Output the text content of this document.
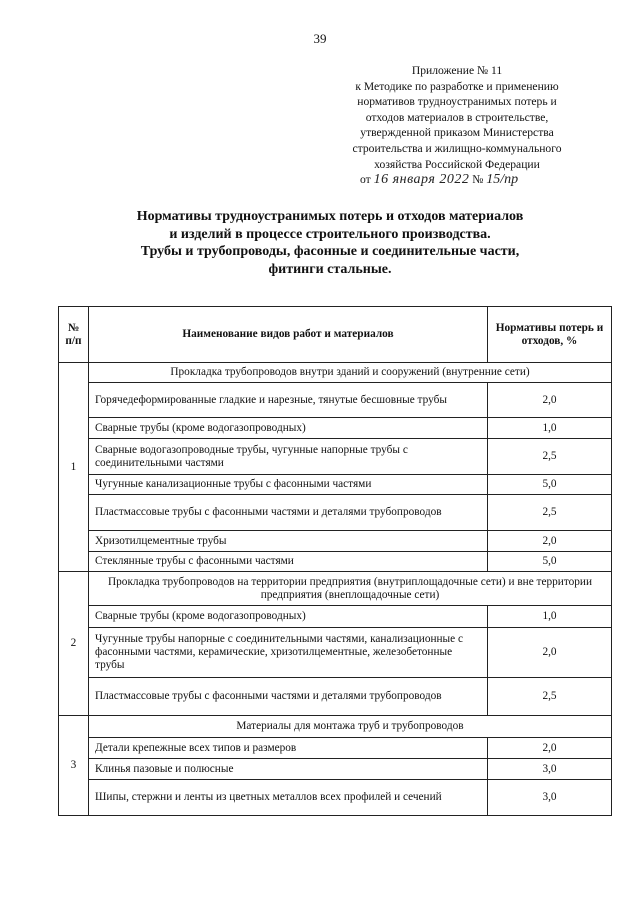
39
Приложение № 11
к Методике по разработке и применению
нормативов трудноустранимых потерь и
отходов материалов в строительстве,
утвержденной приказом Министерства
строительства и жилищно-коммунального
хозяйства Российской Федерации
от 16 января 2022 № 15/пр
Нормативы трудноустранимых потерь и отходов материалов
и изделий в процессе строительного производства.
Трубы и трубопроводы, фасонные и соединительные части,
фитинги стальные.
№ п/п	Наименование видов работ и материалов	Нормативы потерь и отходов, %
1	Прокладка трубопроводов внутри зданий и сооружений (внутренние сети)	
	Горячедеформированные гладкие и нарезные, тянутые бесшовные трубы	2,0
	Сварные трубы (кроме водогазопроводных)	1,0
	Сварные водогазопроводные трубы, чугунные напорные трубы с соединительными частями	2,5
	Чугунные канализационные трубы с фасонными частями	5,0
	Пластмассовые трубы с фасонными частями и деталями трубопроводов	2,5
	Хризотилцементные трубы	2,0
	Стеклянные трубы с фасонными частями	5,0
2	Прокладка трубопроводов на территории предприятия (внутриплощадочные сети) и вне территории предприятия (внеплощадочные сети)	
	Сварные трубы (кроме водогазопроводных)	1,0
	Чугунные трубы напорные с соединительными частями, канализационные с фасонными частями, керамические, хризотилцементные, железобетонные трубы	2,0
	Пластмассовые трубы с фасонными частями и деталями трубопроводов	2,5
3	Материалы для монтажа труб и трубопроводов	
	Детали крепежные всех типов и размеров	2,0
	Клинья пазовые и полюсные	3,0
	Шипы, стержни и ленты из цветных металлов всех профилей и сечений	3,0
